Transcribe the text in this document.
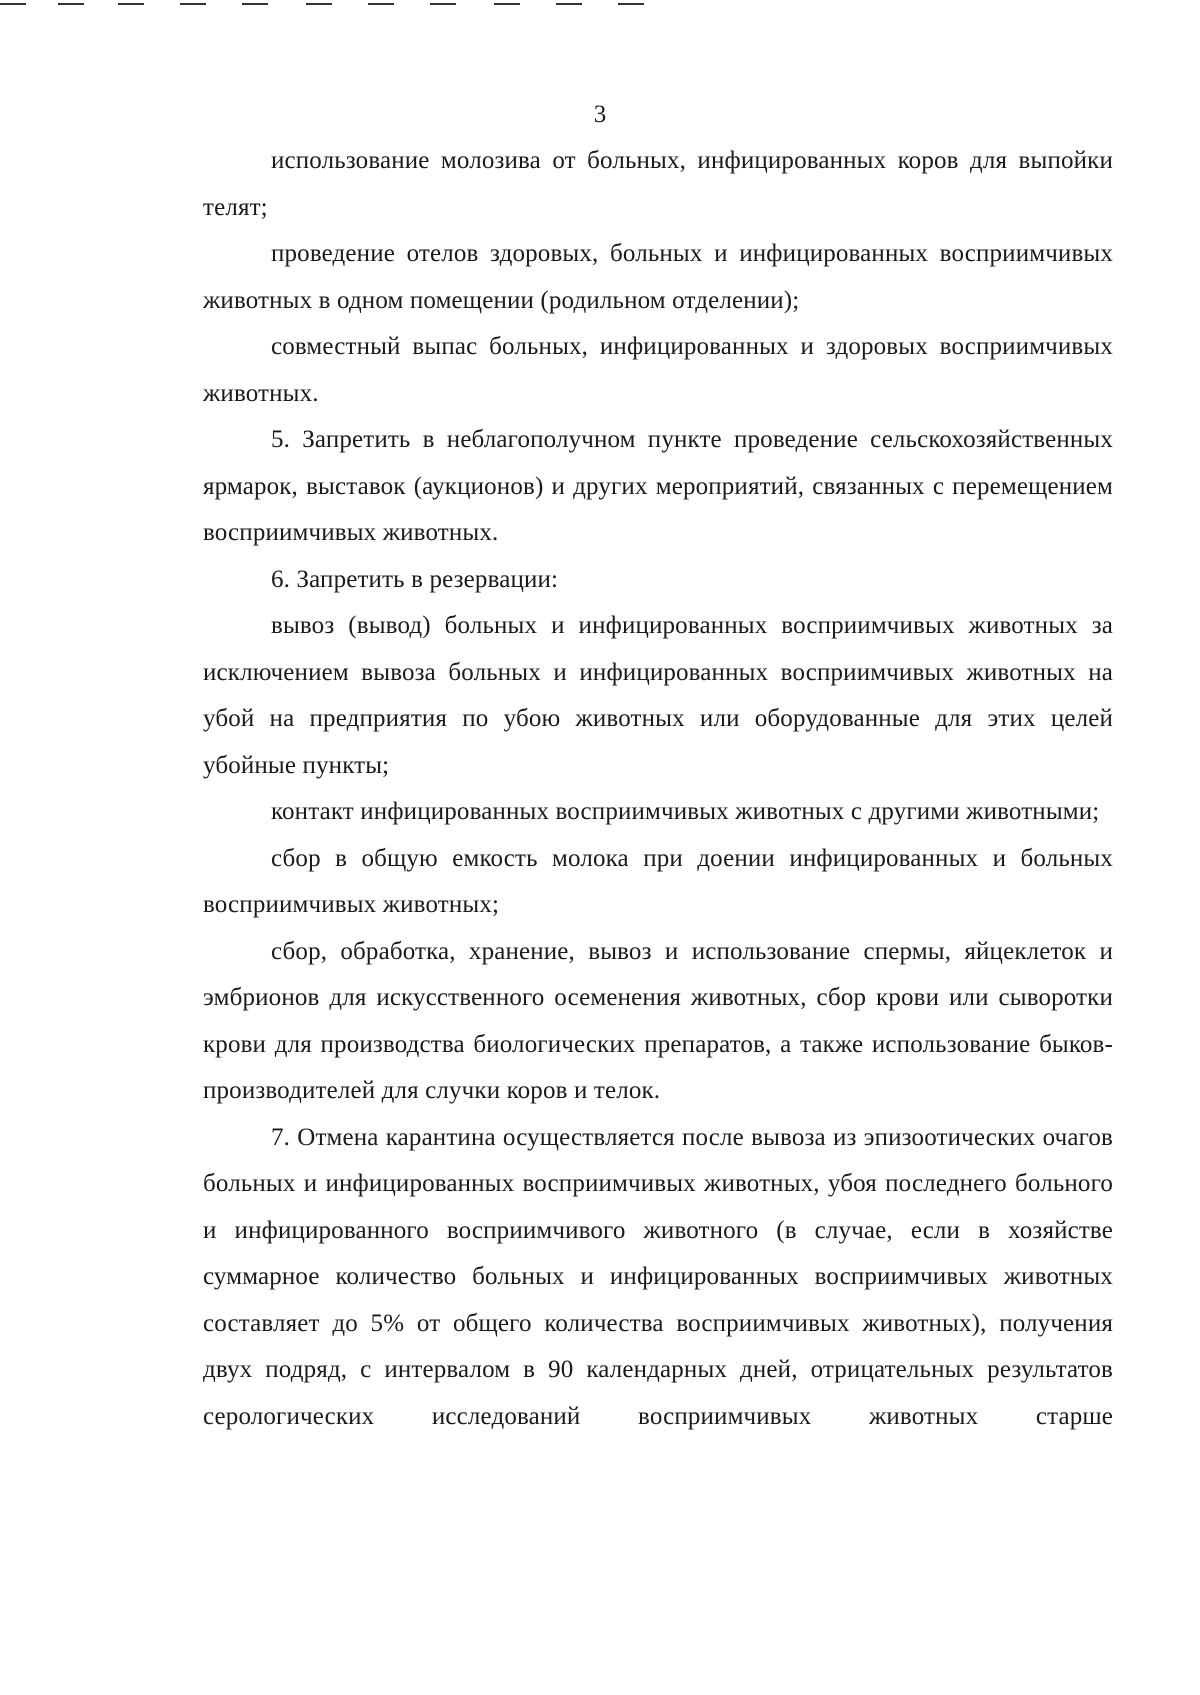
3

использование молозива от больных, инфицированных коров для выпойки телят;

проведение отелов здоровых, больных и инфицированных восприимчивых животных в одном помещении (родильном отделении);

совместный выпас больных, инфицированных и здоровых восприимчивых животных.

5. Запретить в неблагополучном пункте проведение сельскохозяйственных ярмарок, выставок (аукционов) и других мероприятий, связанных с перемещением восприимчивых животных.

6. Запретить в резервации:

вывоз (вывод) больных и инфицированных восприимчивых животных за исключением вывоза больных и инфицированных восприимчивых животных на убой на предприятия по убою животных или оборудованные для этих целей убойные пункты;

контакт инфицированных восприимчивых животных с другими животными;

сбор в общую емкость молока при доении инфицированных и больных восприимчивых животных;

сбор, обработка, хранение, вывоз и использование спермы, яйцеклеток и эмбрионов для искусственного осеменения животных, сбор крови или сыворотки крови для производства биологических препаратов, а также использование быков-производителей для случки коров и телок.

7. Отмена карантина осуществляется после вывоза из эпизоотических очагов больных и инфицированных восприимчивых животных, убоя последнего больного и инфицированного восприимчивого животного (в случае, если в хозяйстве суммарное количество больных и инфицированных восприимчивых животных составляет до 5% от общего количества восприимчивых животных), получения двух подряд, с интервалом в 90 календарных дней, отрицательных результатов серологических исследований восприимчивых животных старше
